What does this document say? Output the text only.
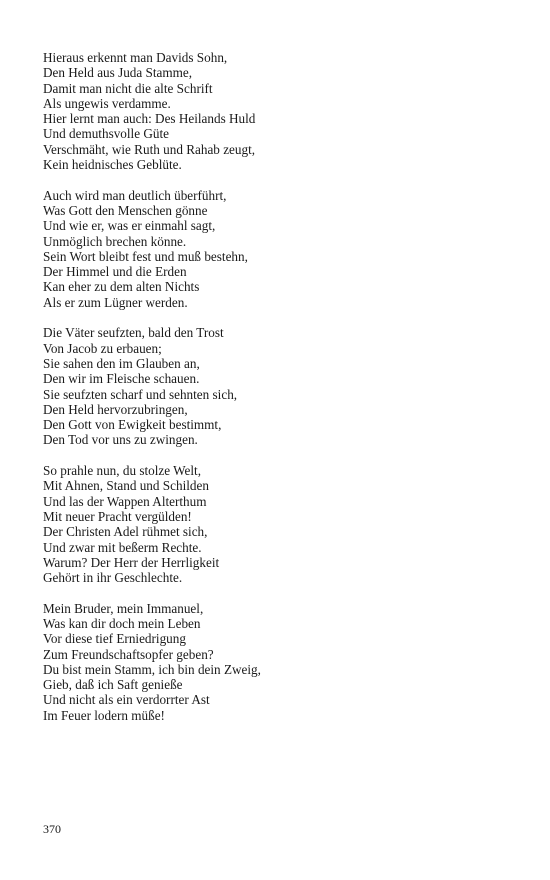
Hieraus erkennt man Davids Sohn,
Den Held aus Juda Stamme,
Damit man nicht die alte Schrift
Als ungewis verdamme.
Hier lernt man auch: Des Heilands Huld
Und demuthsvolle Güte
Verschmäht, wie Ruth und Rahab zeugt,
Kein heidnisches Geblüte.
Auch wird man deutlich überführt,
Was Gott den Menschen gönne
Und wie er, was er einmahl sagt,
Unmöglich brechen könne.
Sein Wort bleibt fest und muß bestehn,
Der Himmel und die Erden
Kan eher zu dem alten Nichts
Als er zum Lügner werden.
Die Väter seufzten, bald den Trost
Von Jacob zu erbauen;
Sie sahen den im Glauben an,
Den wir im Fleische schauen.
Sie seufzten scharf und sehnten sich,
Den Held hervorzubringen,
Den Gott von Ewigkeit bestimmt,
Den Tod vor uns zu zwingen.
So prahle nun, du stolze Welt,
Mit Ahnen, Stand und Schilden
Und las der Wappen Alterthum
Mit neuer Pracht vergülden!
Der Christen Adel rühmet sich,
Und zwar mit beßerm Rechte.
Warum? Der Herr der Herrligkeit
Gehört in ihr Geschlechte.
Mein Bruder, mein Immanuel,
Was kan dir doch mein Leben
Vor diese tief Erniedrigung
Zum Freundschaftsopfer geben?
Du bist mein Stamm, ich bin dein Zweig,
Gieb, daß ich Saft genieße
Und nicht als ein verdorrter Ast
Im Feuer lodern müße!
370
